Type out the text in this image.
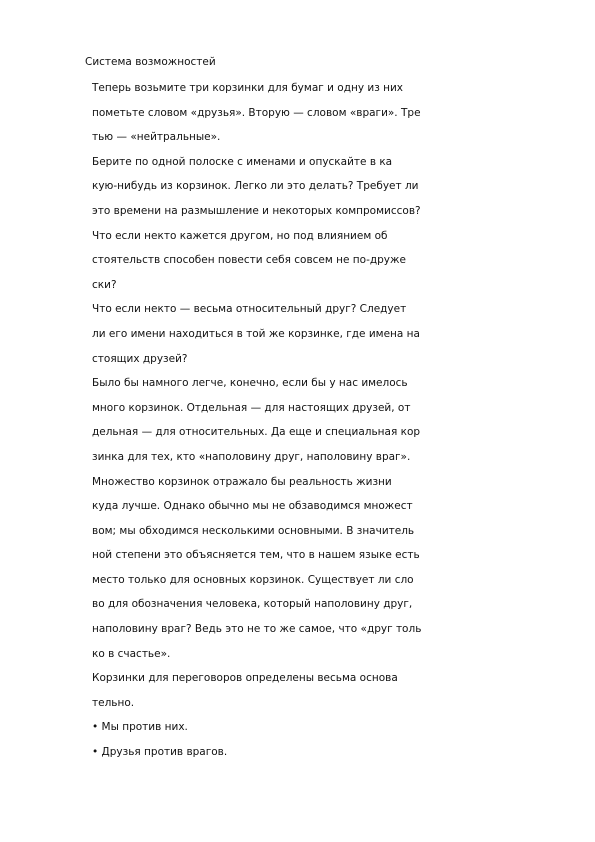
Система возможностей
Теперь возьмите три корзинки для бумаг и одну из них
пометьте словом «друзья». Вторую — словом «враги». Тре
тью — «нейтральные».
Берите по одной полоске с именами и опускайте в ка
кую-нибудь из корзинок. Легко ли это делать? Требует ли
это времени на размышление и некоторых компромиссов?
Что если некто кажется другом, но под влиянием об
стоятельств способен повести себя совсем не по-друже
ски?
Что если некто — весьма относительный друг? Следует
ли его имени находиться в той же корзинке, где имена на
стоящих друзей?
Было бы намного легче, конечно, если бы у нас имелось
много корзинок. Отдельная — для настоящих друзей, от
дельная — для относительных. Да еще и специальная кор
зинка для тех, кто «наполовину друг, наполовину враг».
Множество корзинок отражало бы реальность жизни
куда лучше. Однако обычно мы не обзаводимся множест
вом; мы обходимся несколькими основными. В значитель
ной степени это объясняется тем, что в нашем языке есть
место только для основных корзинок. Существует ли сло
во для обозначения человека, который наполовину друг,
наполовину враг? Ведь это не то же самое, что «друг толь
ко в счастье».
Корзинки для переговоров определены весьма основа
тельно.
• Мы против них.
• Друзья против врагов.
